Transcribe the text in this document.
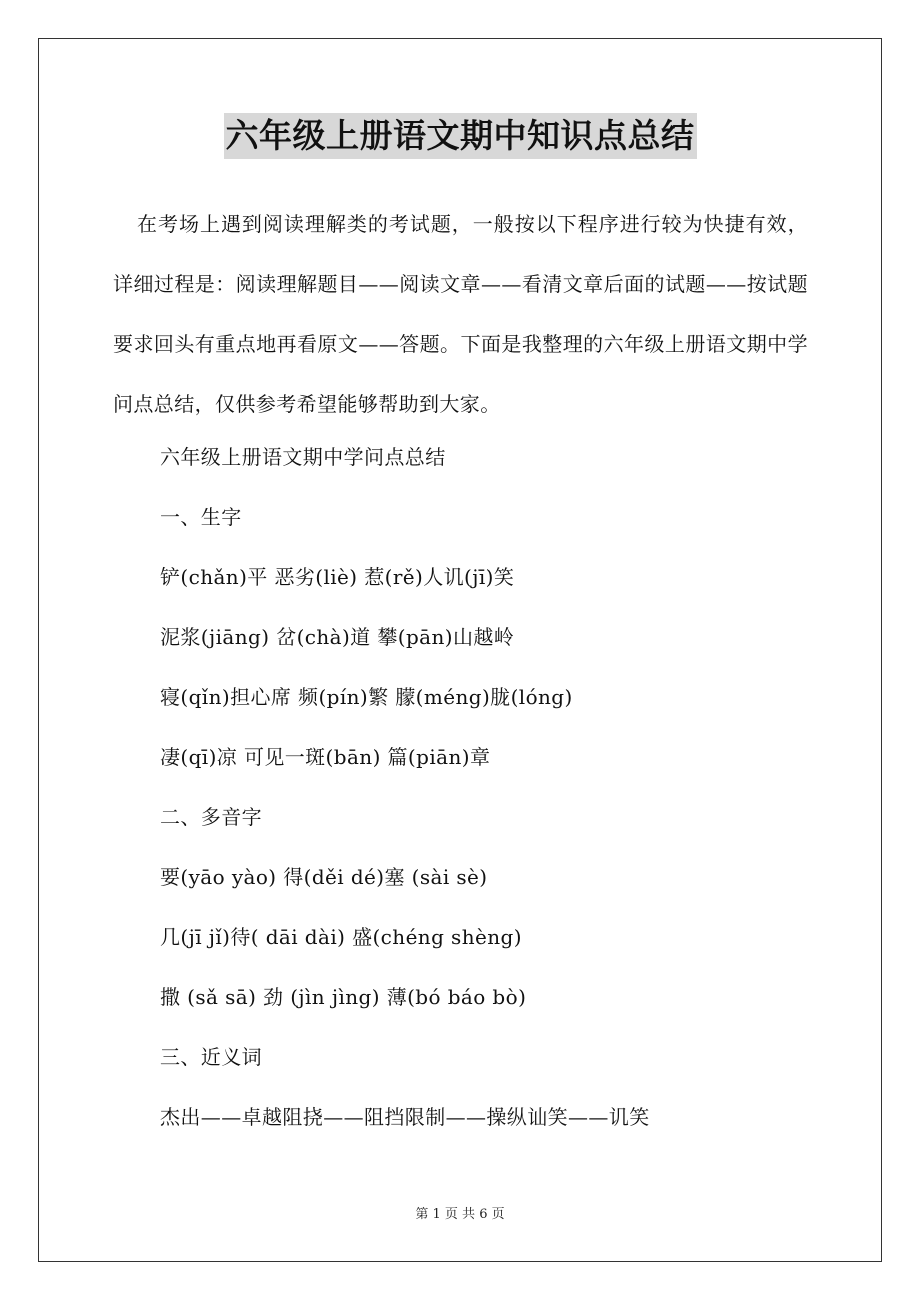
六年级上册语文期中知识点总结

在考场上遇到阅读理解类的考试题，一般按以下程序进行较为快捷有效，详细过程是：阅读理解题目——阅读文章——看清文章后面的试题——按试题要求回头有重点地再看原文——答题。下面是我整理的六年级上册语文期中学问点总结，仅供参考希望能够帮助到大家。

六年级上册语文期中学问点总结
一、生字
铲(chǎn)平 恶劣(liè) 惹(rě)人讥(jī)笑
泥浆(jiāng) 岔(chà)道 攀(pān)山越岭
寝(qǐn)担心席 频(pín)繁 朦(méng)胧(lóng)
凄(qī)凉 可见一斑(bān) 篇(piān)章
二、多音字
要(yāo yào) 得(děi dé)塞 (sài sè)
几(jī jǐ)待( dāi dài) 盛(chéng shèng)
撒 (sǎ sā) 劲 (jìn jìng) 薄(bó báo bò)
三、近义词
杰出——卓越阻挠——阻挡限制——操纵讪笑——讥笑
第 1 页 共 6 页
